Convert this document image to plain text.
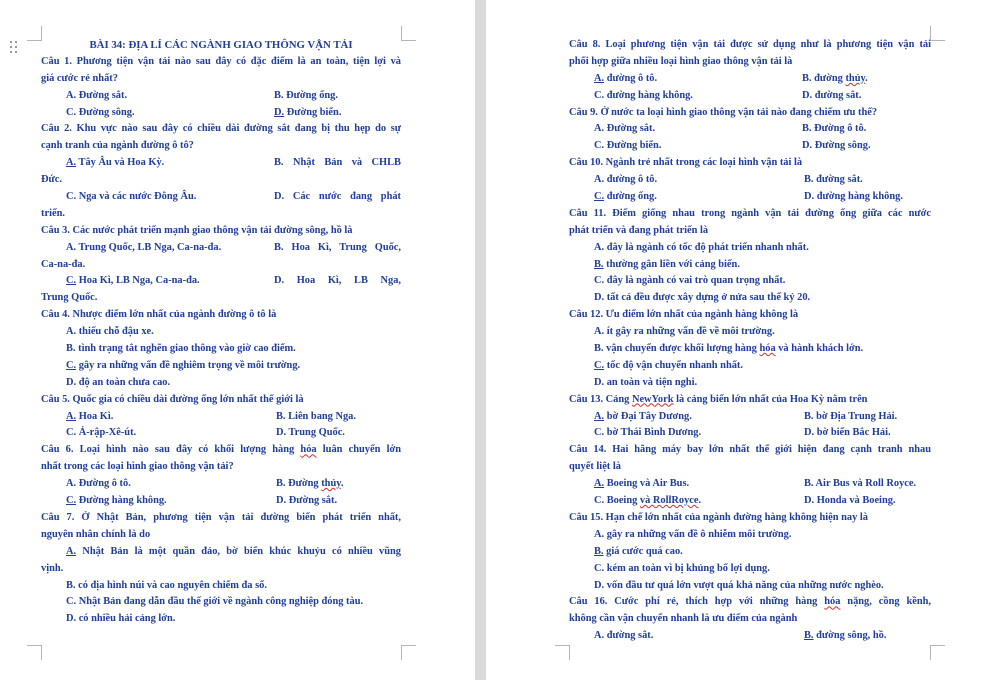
BÀI 34: ĐỊA LÍ CÁC NGÀNH GIAO THÔNG VẬN TẢI
Câu 1. Phương tiện vận tải nào sau đây có đặc điểm là an toàn, tiện lợi và
giá cước rẻ nhất?
A. Đường sắt.	B. Đường ống.
C. Đường sông.	D. Đường biển.
Câu 2. Khu vực nào sau đây có chiều dài đường sắt đang bị thu hẹp do sự
cạnh tranh của ngành đường ô tô?
A. Tây Âu và Hoa Kỳ.	B. Nhật Bản và CHLB
Đức.
C. Nga và các nước Đông Âu.	D. Các nước đang phát
triển.
Câu 3. Các nước phát triển mạnh giao thông vận tải đường sông, hồ là
A. Trung Quốc, LB Nga, Ca-na-đa.	B. Hoa Kì, Trung Quốc,
Ca-na-đa.
C. Hoa Kì, LB Nga, Ca-na-đa.	D. Hoa Kì, LB Nga,
Trung Quốc.
Câu 4. Nhược điểm lớn nhất của ngành đường ô tô là
A. thiếu chỗ đậu xe.
B. tình trạng tắt nghẽn giao thông vào giờ cao điểm.
C. gây ra những vấn đề nghiêm trọng về môi trường.
D. độ an toàn chưa cao.
Câu 5. Quốc gia có chiều dài đường ống lớn nhất thế giới là
A. Hoa Kì.	B. Liên bang Nga.
C. Ả-rập-Xê-út.	D. Trung Quốc.
Câu 6. Loại hình nào sau đây có khối lượng hàng hóa luân chuyển lớn
nhất trong các loại hình giao thông vận tải?
A. Đường ô tô.	B. Đường thủy.
C. Đường hàng không.	D. Đường sắt.
Câu 7. Ở Nhật Bản, phương tiện vận tải đường biển phát triển nhất,
nguyên nhân chính là do
A. Nhật Bản là một quần đảo, bờ biển khúc khuỷu có nhiều vũng
vịnh.
B. có địa hình núi và cao nguyên chiếm đa số.
C. Nhật Bản đang dẫn đầu thế giới về ngành công nghiệp đóng tàu.
D. có nhiều hải cảng lớn.
Câu 8. Loại phương tiện vận tải được sử dụng như là phương tiện vận tải
phối hợp giữa nhiều loại hình giao thông vận tải là
A. đường ô tô.	B. đường thủy.
C. đường hàng không.	D. đường sắt.
Câu 9. Ở nước ta loại hình giao thông vận tải nào đang chiếm ưu thế?
A. Đường sắt.	B. Đường ô tô.
C. Đường biển.	D. Đường sông.
Câu 10. Ngành trẻ nhất trong các loại hình vận tải là
A. đường ô tô.	B. đường sắt.
C. đường ống.	D. đường hàng không.
Câu 11. Điểm giống nhau trong ngành vận tải đường ống giữa các nước
phát triển và đang phát triển là
A. đây là ngành có tốc độ phát triển nhanh nhất.
B. thường gắn liền với cảng biển.
C. đây là ngành có vai trò quan trọng nhất.
D. tất cả đều được xây dựng ở nửa sau thế kỷ 20.
Câu 12. Ưu điểm lớn nhất của ngành hàng không là
A. ít gây ra những vấn đề về môi trường.
B. vận chuyển được khối lượng hàng hóa và hành khách lớn.
C. tốc độ vận chuyển nhanh nhất.
D. an toàn và tiện nghi.
Câu 13. Cảng NewYork là cảng biển lớn nhất của Hoa Kỳ nằm trên
A. bờ Đại Tây Dương.	B. bờ Địa Trung Hải.
C. bờ Thái Bình Dương.	D. bờ biển Bắc Hải.
Câu 14. Hai hãng máy bay lớn nhất thế giới hiện đang cạnh tranh nhau
quyết liệt là
A. Boeing và Air Bus.	B. Air Bus và Roll Royce.
C. Boeing và RollRoyce.	D. Honda và Boeing.
Câu 15. Hạn chế lớn nhất của ngành đường hàng không hiện nay là
A. gây ra những vấn đề ô nhiễm môi trường.
B. giá cước quá cao.
C. kém an toàn vì bị khủng bố lợi dụng.
D. vốn đầu tư quá lớn vượt quá khả năng của những nước nghèo.
Câu 16. Cước phí rẻ, thích hợp với những hàng hóa nặng, cồng kềnh,
không cần vận chuyển nhanh là ưu điểm của ngành
A. đường sắt.	B. đường sông, hồ.
